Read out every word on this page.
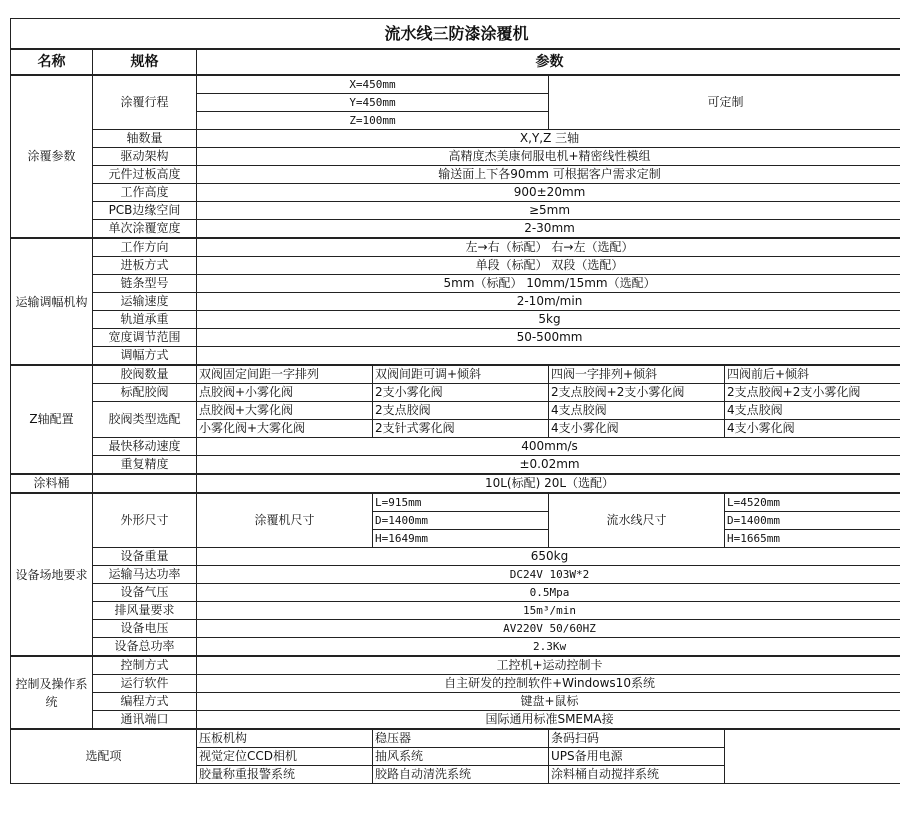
流水线三防漆涂覆机					
名称	规格	参数			
涂覆参数	涂覆行程	X=450mm		可定制	
		Y=450mm			
		Z=100mm			
	轴数量	X,Y,Z 三轴			
	驱动架构	高精度杰美康伺服电机+精密线性模组			
	元件过板高度	输送面上下各90mm 可根据客户需求定制			
	工作高度	900±20mm			
	PCB边缘空间	≥5mm			
	单次涂覆宽度	2-30mm			
运输调幅机构	工作方向	左→右（标配） 右→左（选配）			
	进板方式	单段（标配） 双段（选配）			
	链条型号	5mm（标配） 10mm/15mm（选配）			
	运输速度	2-10m/min			
	轨道承重	5kg			
	宽度调节范围	50-500mm			
	调幅方式				
Z轴配置	胶阀数量	双阀固定间距一字排列	双阀间距可调+倾斜	四阀一字排列+倾斜	四阀前后+倾斜
	标配胶阀	点胶阀+小雾化阀	2支小雾化阀	2支点胶阀+2支小雾化阀	2支点胶阀+2支小雾化阀
	胶阀类型选配	点胶阀+大雾化阀	2支点胶阀	4支点胶阀	4支点胶阀
		小雾化阀+大雾化阀	2支针式雾化阀	4支小雾化阀	4支小雾化阀
	最快移动速度	400mm/s			
	重复精度	±0.02mm			
涂料桶		10L(标配) 20L（选配）			
设备场地要求	外形尺寸	涂覆机尺寸	L=915mm	流水线尺寸	L=4520mm
			D=1400mm		D=1400mm
			H=1649mm		H=1665mm
	设备重量	650kg			
	运输马达功率	DC24V 103W*2			
	设备气压	0.5Mpa			
	排风量要求	15m³/min			
	设备电压	AV220V 50/60HZ			
	设备总功率	2.3Kw			
控制及操作系统	控制方式	工控机+运动控制卡			
	运行软件	自主研发的控制软件+Windows10系统			
	编程方式	键盘+鼠标			
	通讯端口	国际通用标准SMEMA接			
选配项		压板机构	稳压器	条码扫码	
		视觉定位CCD相机	抽风系统	UPS备用电源	
		胶量称重报警系统	胶路自动清洗系统	涂料桶自动搅拌系统	
